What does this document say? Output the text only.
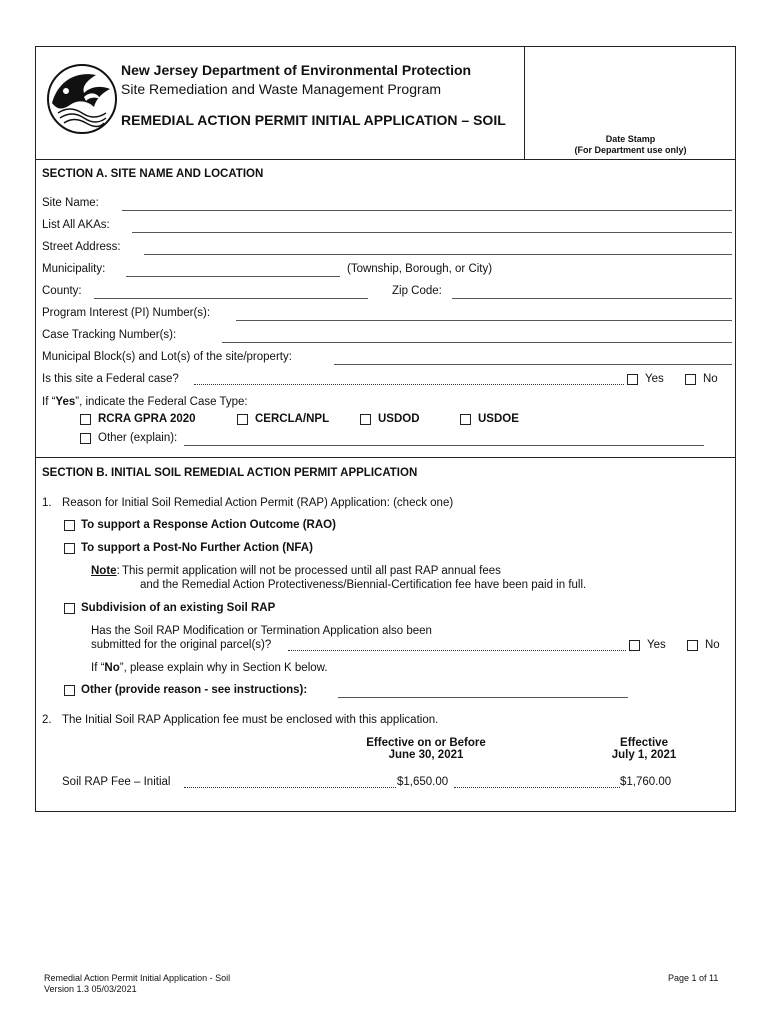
New Jersey Department of Environmental Protection
Site Remediation and Waste Management Program
REMEDIAL ACTION PERMIT INITIAL APPLICATION – SOIL
Date Stamp
(For Department use only)
SECTION A. SITE NAME AND LOCATION
Site Name:
List All AKAs:
Street Address:
Municipality:	(Township, Borough, or City)
County:	Zip Code:
Program Interest (PI) Number(s):
Case Tracking Number(s):
Municipal Block(s) and Lot(s) of the site/property:
Is this site a Federal case?	Yes	No
If “Yes”, indicate the Federal Case Type:
RCRA GPRA 2020	CERCLA/NPL	USDOD	USDOE
Other (explain):
SECTION B. INITIAL SOIL REMEDIAL ACTION PERMIT APPLICATION
1. Reason for Initial Soil Remedial Action Permit (RAP) Application: (check one)
To support a Response Action Outcome (RAO)
To support a Post-No Further Action (NFA)
Note: This permit application will not be processed until all past RAP annual fees
and the Remedial Action Protectiveness/Biennial-Certification fee have been paid in full.
Subdivision of an existing Soil RAP
Has the Soil RAP Modification or Termination Application also been
submitted for the original parcel(s)?	Yes	No
If “No”, please explain why in Section K below.
Other (provide reason - see instructions):
2. The Initial Soil RAP Application fee must be enclosed with this application.
Effective on or Before
June 30, 2021
Effective
July 1, 2021
Soil RAP Fee – Initial	$1,650.00	$1,760.00
Remedial Action Permit Initial Application - Soil
Version 1.3 05/03/2021
Page 1 of 11
